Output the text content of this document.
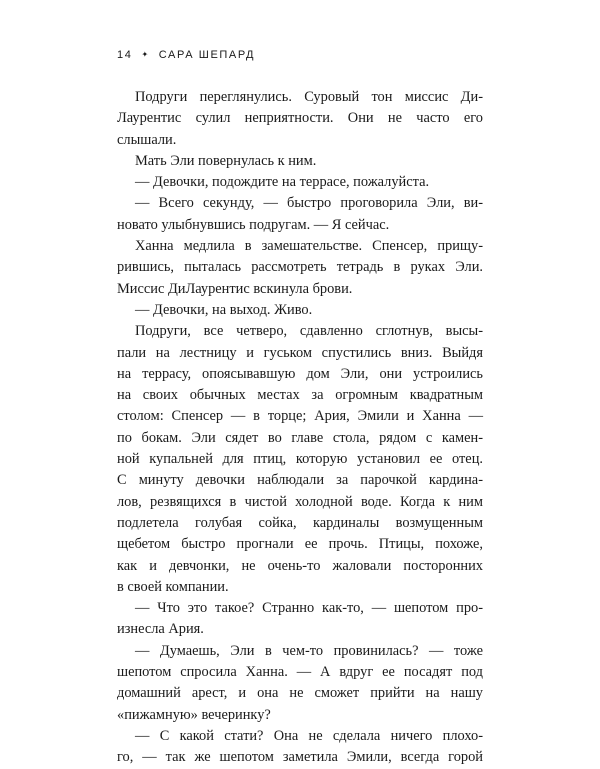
14 ✦ САРА ШЕПАРД
Подруги переглянулись. Суровый тон миссис Ди-
Лаурентис сулил неприятности. Они не часто его
слышали.
Мать Эли повернулась к ним.
— Девочки, подождите на террасе, пожалуйста.
— Всего секунду, — быстро проговорила Эли, ви-
новато улыбнувшись подругам. — Я сейчас.
Ханна медлила в замешательстве. Спенсер, прищу-
рившись, пыталась рассмотреть тетрадь в руках Эли.
Миссис ДиЛаурентис вскинула брови.
— Девочки, на выход. Живо.
Подруги, все четверо, сдавленно сглотнув, высы-
пали на лестницу и гуськом спустились вниз. Выйдя
на террасу, опоясывавшую дом Эли, они устроились
на своих обычных местах за огромным квадратным
столом: Спенсер — в торце; Ария, Эмили и Ханна —
по бокам. Эли сядет во главе стола, рядом с камен-
ной купальней для птиц, которую установил ее отец.
С минуту девочки наблюдали за парочкой кардина-
лов, резвящихся в чистой холодной воде. Когда к ним
подлетела голубая сойка, кардиналы возмущенным
щебетом быстро прогнали ее прочь. Птицы, похоже,
как и девчонки, не очень-то жаловали посторонних
в своей компании.
— Что это такое? Странно как-то, — шепотом про-
изнесла Ария.
— Думаешь, Эли в чем-то провинилась? — тоже
шепотом спросила Ханна. — А вдруг ее посадят под
домашний арест, и она не сможет прийти на нашу
«пижамную» вечеринку?
— С какой стати? Она не сделала ничего плохо-
го, — так же шепотом заметила Эмили, всегда горой
